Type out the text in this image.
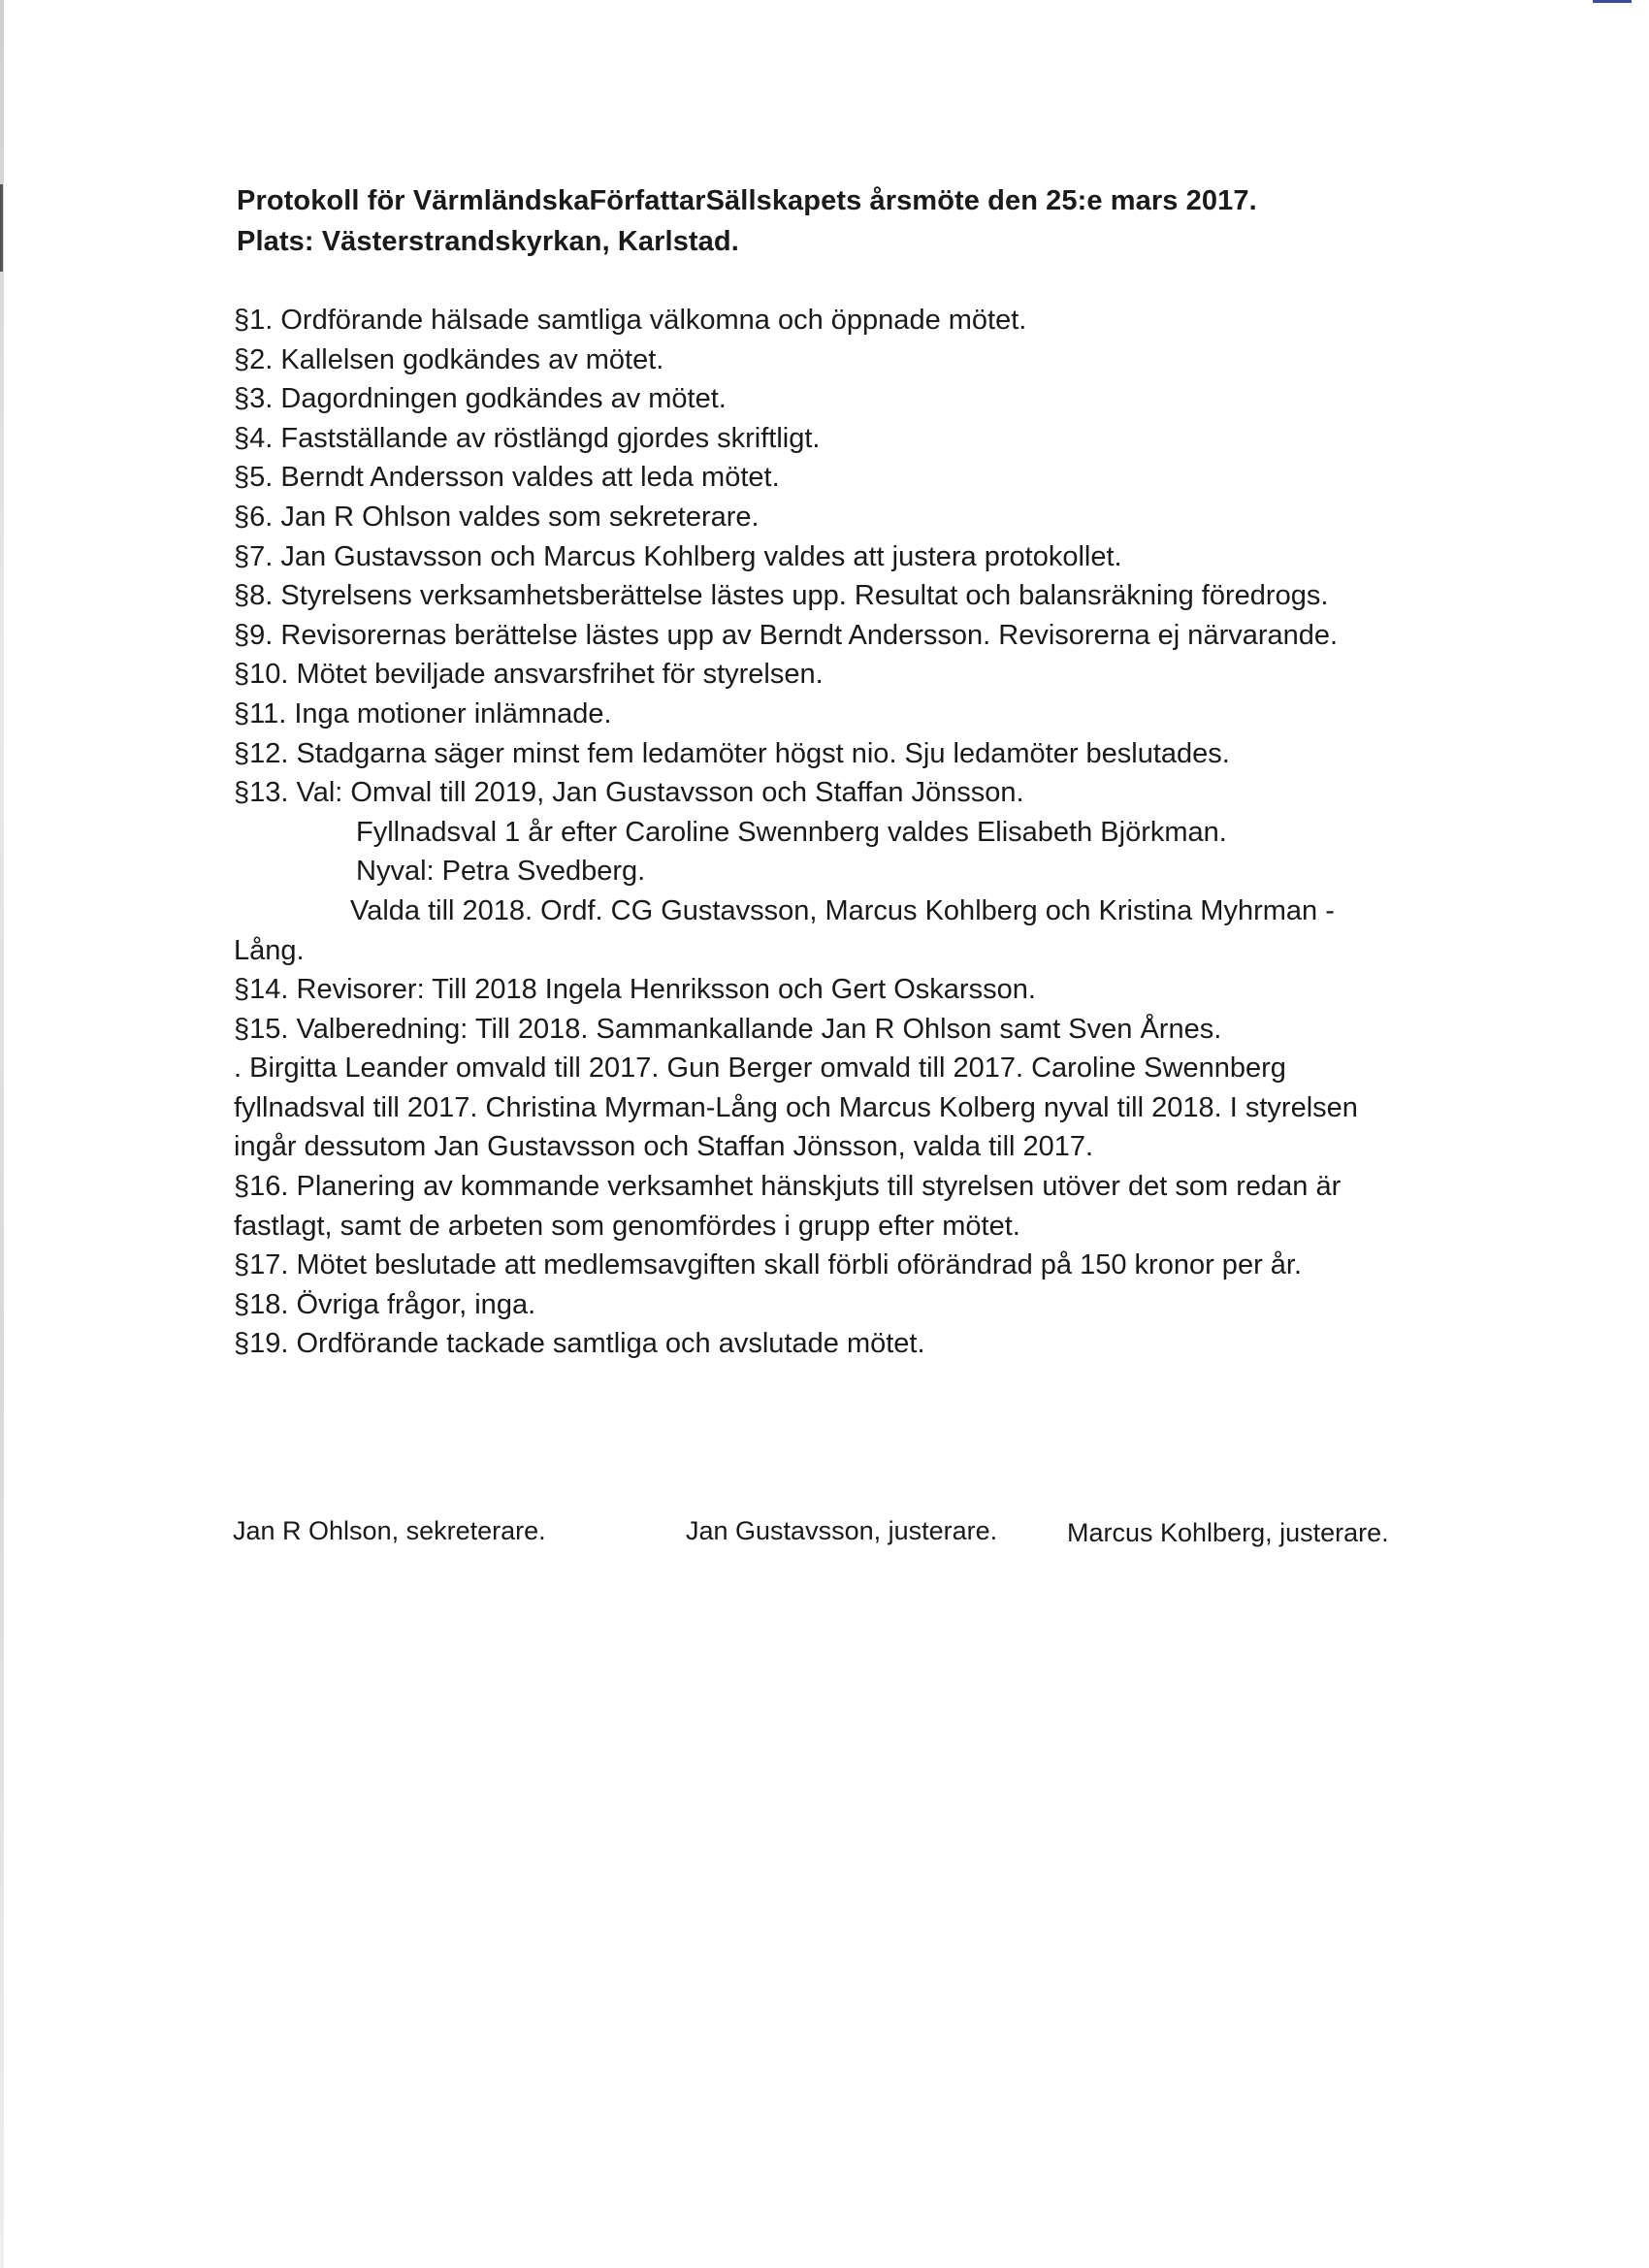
Protokoll för VärmländskaFörfattarSällskapets årsmöte den 25:e mars 2017.
Plats: Västerstrandskyrkan, Karlstad.
§1. Ordförande hälsade samtliga välkomna och öppnade mötet.
§2. Kallelsen godkändes av mötet.
§3. Dagordningen godkändes av mötet.
§4. Fastställande av röstlängd gjordes skriftligt.
§5. Berndt Andersson valdes att leda mötet.
§6. Jan R Ohlson valdes som sekreterare.
§7. Jan Gustavsson och Marcus Kohlberg valdes att justera protokollet.
§8. Styrelsens verksamhetsberättelse lästes upp. Resultat och balansräkning föredrogs.
§9. Revisorernas berättelse lästes upp av Berndt Andersson. Revisorerna ej närvarande.
§10. Mötet beviljade ansvarsfrihet för styrelsen.
§11. Inga motioner inlämnade.
§12. Stadgarna säger minst fem ledamöter högst nio. Sju ledamöter beslutades.
§13. Val: Omval till 2019, Jan Gustavsson och Staffan Jönsson.
Fyllnadsval 1 år efter Caroline Swennberg valdes Elisabeth Björkman.
Nyval: Petra Svedberg.
Valda till 2018. Ordf. CG Gustavsson, Marcus Kohlberg och Kristina Myhrman -
Lång.
§14. Revisorer: Till 2018 Ingela Henriksson och Gert Oskarsson.
§15. Valberedning: Till 2018. Sammankallande Jan R Ohlson samt Sven Årnes.
. Birgitta Leander omvald till 2017. Gun Berger omvald till 2017. Caroline Swennberg
fyllnadsval till 2017. Christina Myrman-Lång och Marcus Kolberg nyval till 2018. I styrelsen
ingår dessutom Jan Gustavsson och Staffan Jönsson, valda till 2017.
§16. Planering av kommande verksamhet hänskjuts till styrelsen utöver det som redan är
fastlagt, samt de arbeten som genomfördes i grupp efter mötet.
§17. Mötet beslutade att medlemsavgiften skall förbli oförändrad på 150 kronor per år.
§18. Övriga frågor, inga.
§19. Ordförande tackade samtliga och avslutade mötet.
Jan R Ohlson, sekreterare.	Jan Gustavsson, justerare.	Marcus Kohlberg, justerare.
